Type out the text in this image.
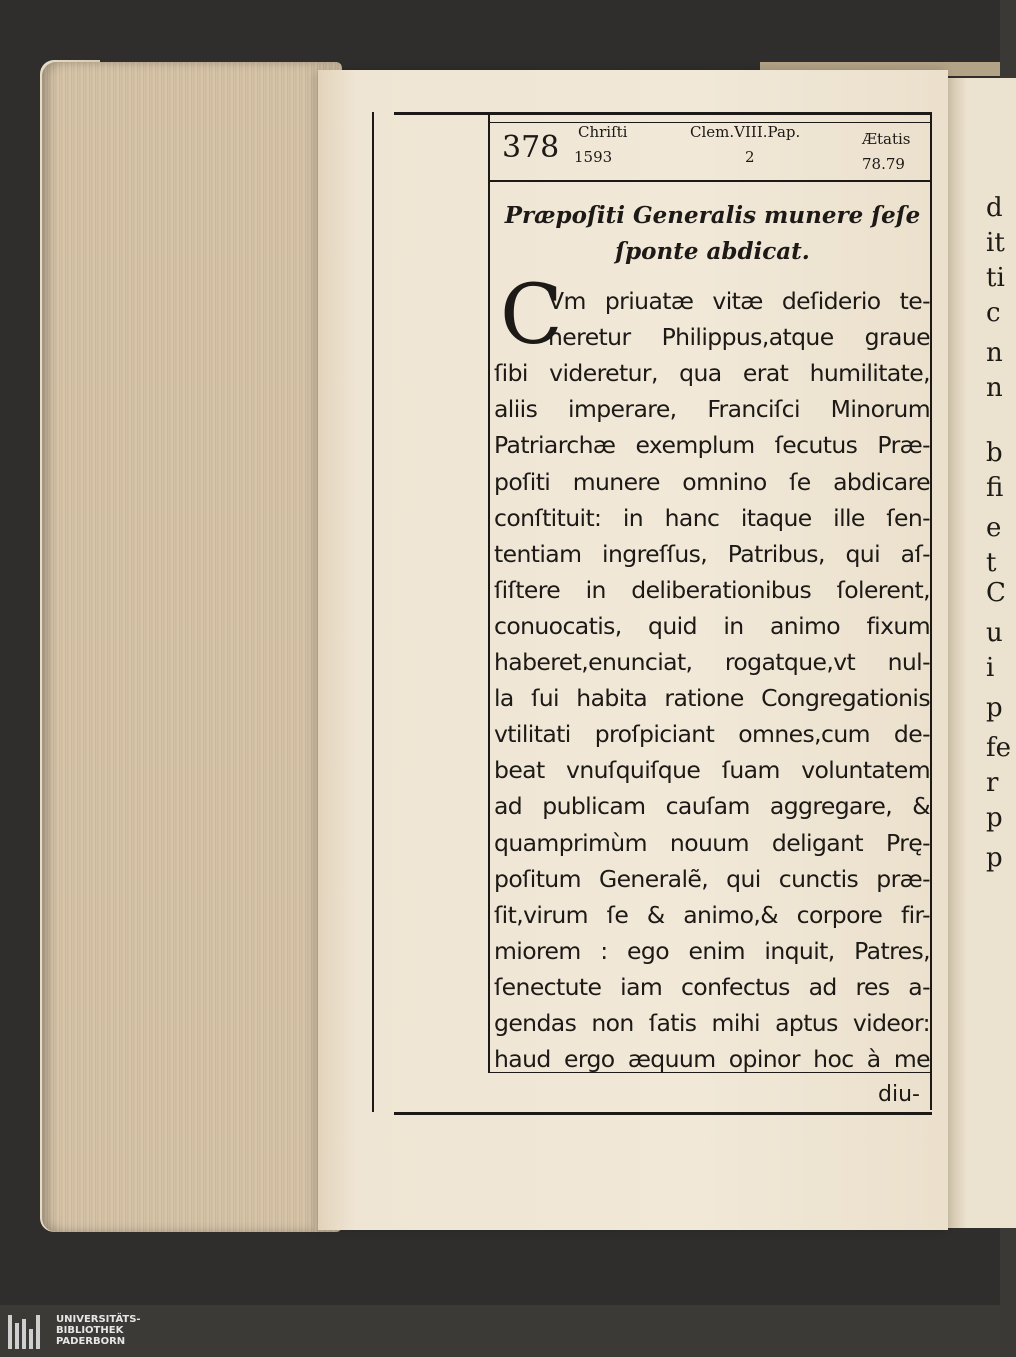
d
it
ti
c
n
n
b
fi
e
t
C
u
i
p
fe
r
p
p
378 Chriſti
1593
Clem.VIII.Pap.
2
Ætatis
78.79
Præpoſiti Generalis munere ſeſe
ſponte abdicat.
C
Vm priuatæ vitæ deſiderio te-
neretur Philippus,atque graue
ſibi videretur, qua erat humilitate,
aliis imperare, Franciſci Minorum
Patriarchæ exemplum ſecutus Præ-
poſiti munere omnino ſe abdicare
conſtituit: in hanc itaque ille ſen-
tentiam ingreſſus, Patribus, qui aſ-
ſiſtere in deliberationibus ſolerent,
conuocatis, quid in animo fixum
haberet,enunciat, rogatque,vt nul-
la ſui habita ratione Congregationis
vtilitati proſpiciant omnes,cum de-
beat vnuſquiſque ſuam voluntatem
ad publicam cauſam aggregare, &
quamprimùm nouum deligant Prę-
poſitum Generalẽ, qui cunctis præ-
ſit,virum ſe & animo,& corpore fir-
miorem : ego enim inquit, Patres,
ſenectute iam confectus ad res a-
gendas non ſatis mihi aptus videor:
haud ergo æquum opinor hoc à me
diu-
UNIVERSITÄTS-
BIBLIOTHEK
PADERBORN
